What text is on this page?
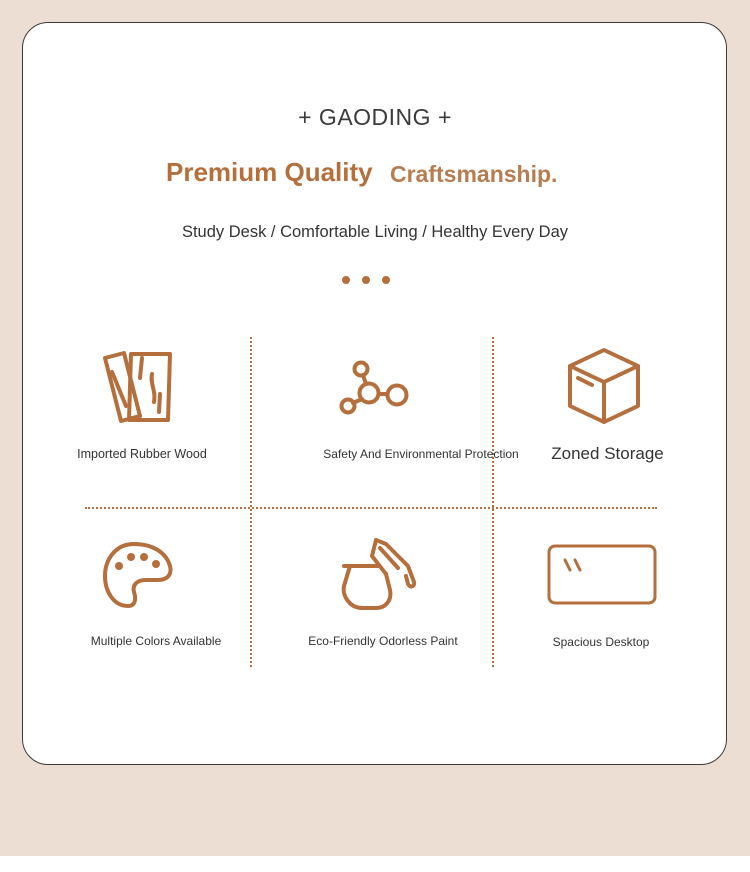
+ GAODING +
Premium Quality Craftsmanship.
Study Desk / Comfortable Living / Healthy Every Day
Imported Rubber Wood	Safety And Environmental Protection	Zoned Storage
Multiple Colors Available	Eco-Friendly Odorless Paint	Spacious Desktop
